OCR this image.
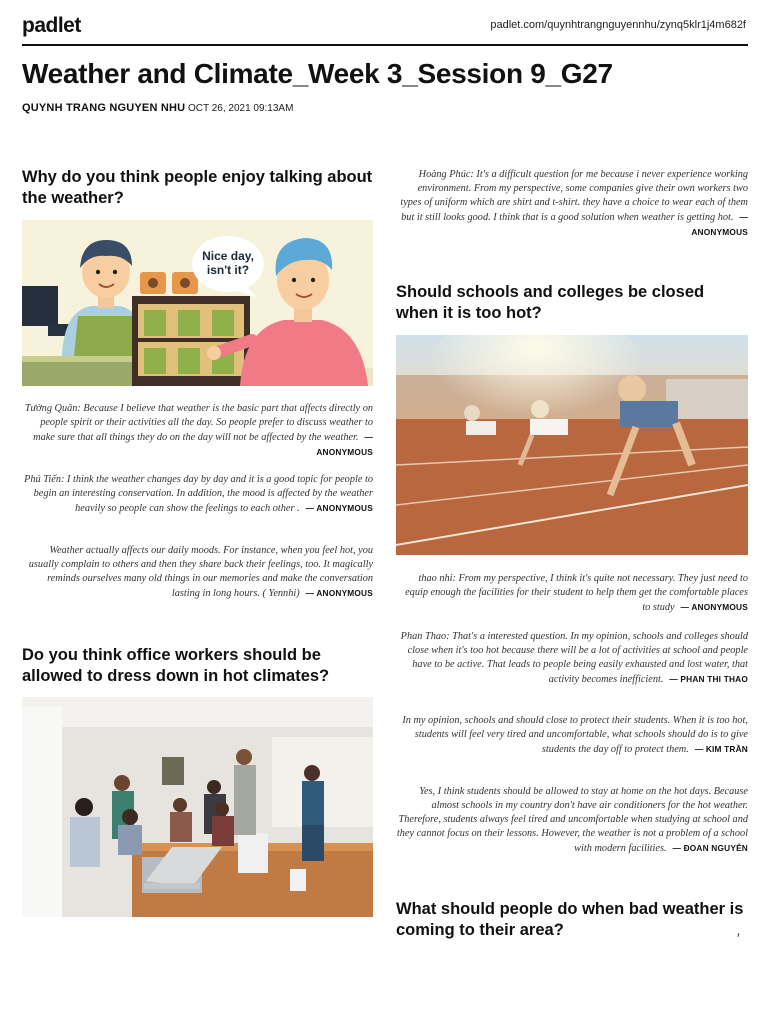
padlet	padlet.com/quynhtrangnguyennhu/zynq5klr1j4m682f
Weather and Climate_Week 3_Session 9_G27
QUYNH TRANG NGUYEN NHU OCT 26, 2021 09:13AM
Why do you think people enjoy talking about the weather?
Nice day, isn't it?
Tường Quân: Because I believe that weather is the basic part that affects directly on people spirit or their activities all the day. So people prefer to discuss weather to make sure that all things they do on the day will not be affected by the weather. — ANONYMOUS
Phú Tiến: I think the weather changes day by day and it is a good topic for people to begin an interesting conservation. In addition, the mood is affected by the weather heavily so people can show the feelings to each other . — ANONYMOUS
Weather actually affects our daily moods. For instance, when you feel hot, you usually complain to others and then they share back their feelings, too. It magically reminds ourselves many old things in our memories and make the conversation lasting in long hours. ( Yennhi) — ANONYMOUS
Do you think office workers should be allowed to dress down in hot climates?
Hoàng Phúc: It's a difficult question for me because i never experience working environment. From my perspective, some companies give their own workers two types of uniform which are shirt and t-shirt. they have a choice to wear each of them but it still looks good. I think that is a good solution when weather is getting hot. — ANONYMOUS
Should schools and colleges be closed when it is too hot?
thao nhi: From my perspective, I think it's quite not necessary. They just need to equip enough the facilities for their student to help them get the comfortable places to study — ANONYMOUS
Phan Thao: That's a interested question. In my opinion, schools and colleges should close when it's too hot because there will be a lot of activities at school and people have to be active. That leads to people being easily exhausted and lost water, that activity becomes inefficient. — PHAN THI THAO
In my opinion, schools and should close to protect their students. When it is too hot, students will feel very tired and uncomfortable, what schools should do is to give students the day off to protect them. — KIM TRẦN
Yes, I think students should be allowed to stay at home on the hot days. Because almost schools in my country don't have air conditioners for the hot weather. Therefore, students always feel tired and uncomfortable when studying at school and they cannot focus on their lessons. However, the weather is not a problem of a school with modern facilities. — ĐOAN NGUYỄN
What should people do when bad weather is coming to their area?	′
